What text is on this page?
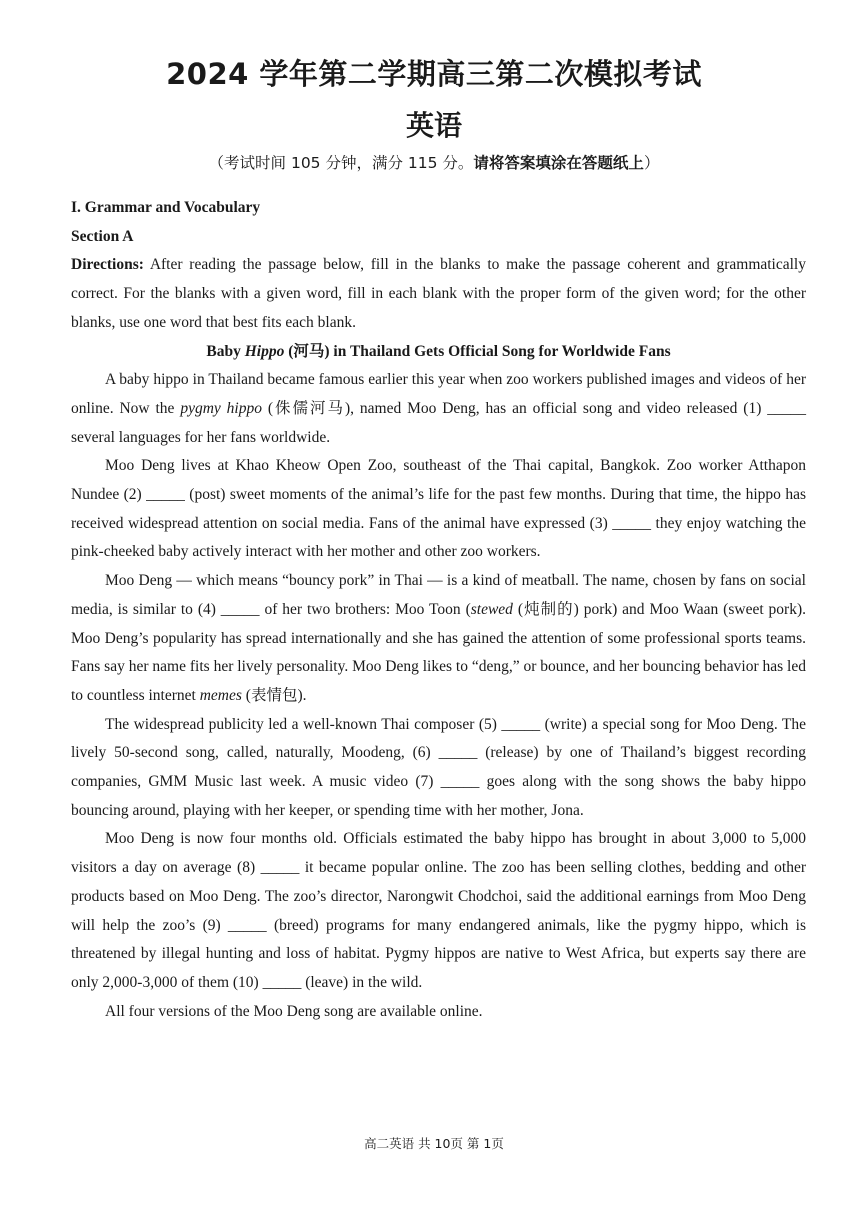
2024 学年第二学期高三第二次模拟考试
英语
（考试时间 105 分钟，满分 115 分。请将答案填涂在答题纸上）

I. Grammar and Vocabulary

Section A

Directions: After reading the passage below, fill in the blanks to make the passage coherent and grammatically correct. For the blanks with a given word, fill in each blank with the proper form of the given word; for the other blanks, use one word that best fits each blank.

Baby Hippo (河马) in Thailand Gets Official Song for Worldwide Fans

A baby hippo in Thailand became famous earlier this year when zoo workers published images and videos of her online. Now the pygmy hippo (侏儒河马), named Moo Deng, has an official song and video released (1) _____ several languages for her fans worldwide.

Moo Deng lives at Khao Kheow Open Zoo, southeast of the Thai capital, Bangkok. Zoo worker Atthapon Nundee (2) _____ (post) sweet moments of the animal’s life for the past few months. During that time, the hippo has received widespread attention on social media. Fans of the animal have expressed (3) _____ they enjoy watching the pink-cheeked baby actively interact with her mother and other zoo workers.

Moo Deng — which means “bouncy pork” in Thai — is a kind of meatball. The name, chosen by fans on social media, is similar to (4) _____ of her two brothers: Moo Toon (stewed (炖制的) pork) and Moo Waan (sweet pork). Moo Deng’s popularity has spread internationally and she has gained the attention of some professional sports teams. Fans say her name fits her lively personality. Moo Deng likes to “deng,” or bounce, and her bouncing behavior has led to countless internet memes (表情包).

The widespread publicity led a well-known Thai composer (5) _____ (write) a special song for Moo Deng. The lively 50-second song, called, naturally, Moodeng, (6) _____ (release) by one of Thailand’s biggest recording companies, GMM Music last week. A music video (7) _____ goes along with the song shows the baby hippo bouncing around, playing with her keeper, or spending time with her mother, Jona.

Moo Deng is now four months old. Officials estimated the baby hippo has brought in about 3,000 to 5,000 visitors a day on average (8) _____ it became popular online. The zoo has been selling clothes, bedding and other products based on Moo Deng. The zoo’s director, Narongwit Chodchoi, said the additional earnings from Moo Deng will help the zoo’s (9) _____ (breed) programs for many endangered animals, like the pygmy hippo, which is threatened by illegal hunting and loss of habitat. Pygmy hippos are native to West Africa, but experts say there are only 2,000-3,000 of them (10) _____ (leave) in the wild.

All four versions of the Moo Deng song are available online.

高二英语 共 10页 第 1页
